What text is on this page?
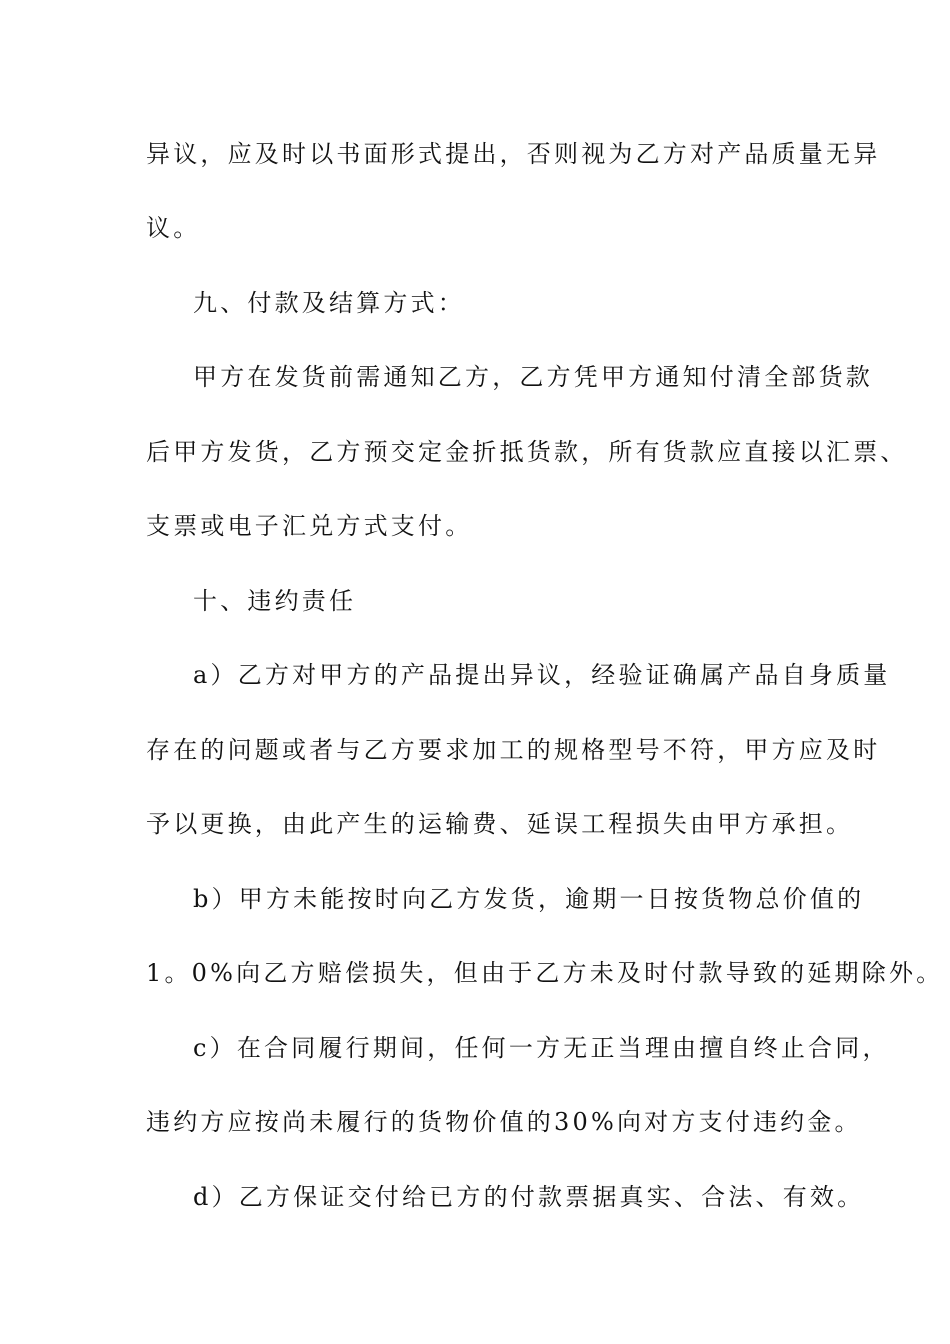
异议，应及时以书面形式提出，否则视为乙方对产品质量无异
议。
九、付款及结算方式：
甲方在发货前需通知乙方，乙方凭甲方通知付清全部货款
后甲方发货，乙方预交定金折抵货款，所有货款应直接以汇票、
支票或电子汇兑方式支付。
十、违约责任
a）乙方对甲方的产品提出异议，经验证确属产品自身质量
存在的问题或者与乙方要求加工的规格型号不符，甲方应及时
予以更换，由此产生的运输费、延误工程损失由甲方承担。
b）甲方未能按时向乙方发货，逾期一日按货物总价值的
1。0%向乙方赔偿损失，但由于乙方未及时付款导致的延期除外。
c）在合同履行期间，任何一方无正当理由擅自终止合同，
违约方应按尚未履行的货物价值的30%向对方支付违约金。
d）乙方保证交付给已方的付款票据真实、合法、有效。
